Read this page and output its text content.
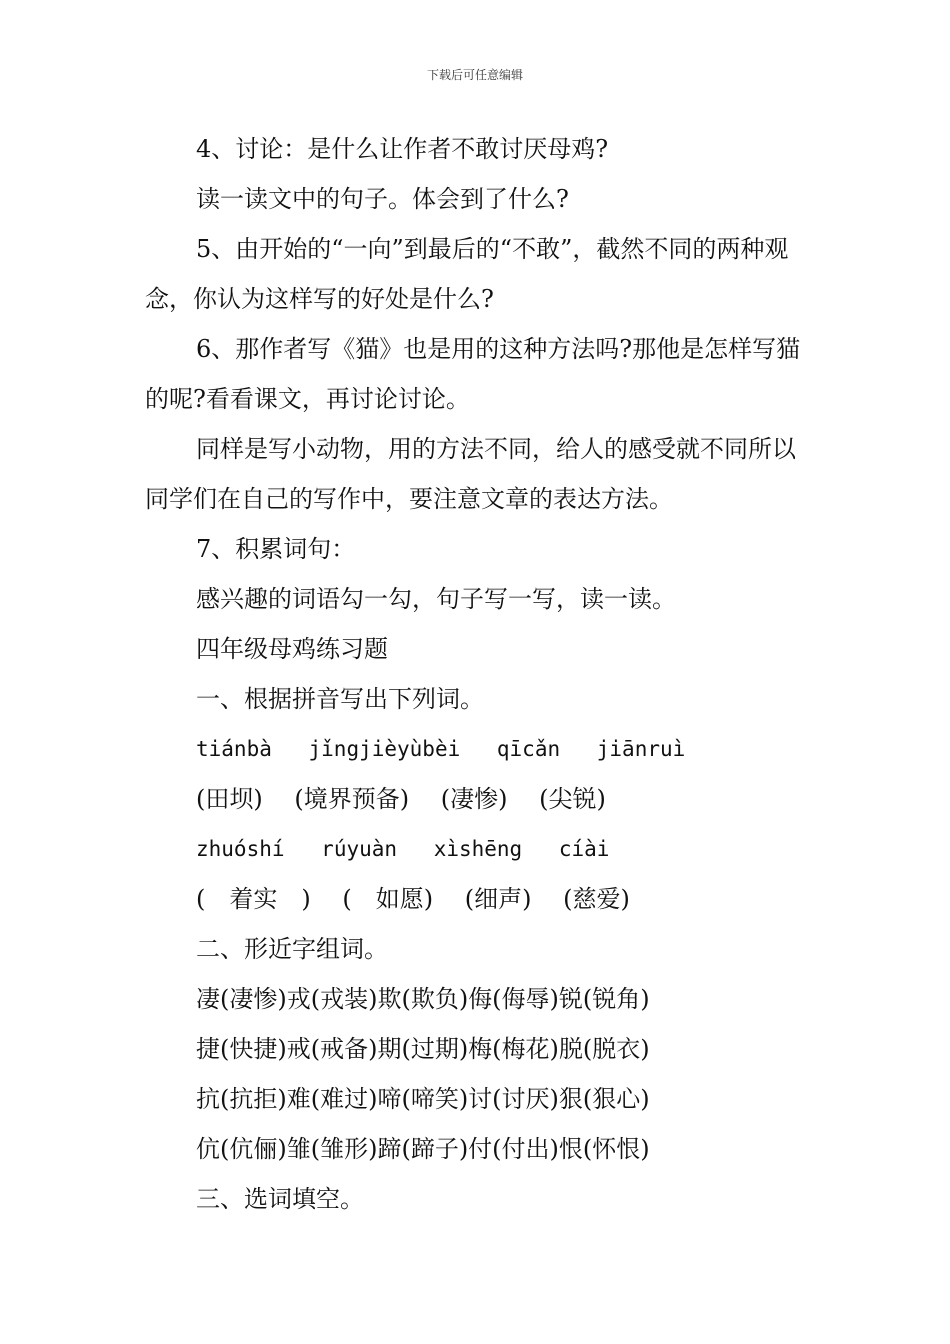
下载后可任意编辑

4、讨论：是什么让作者不敢讨厌母鸡?

读一读文中的句子。体会到了什么?

5、由开始的“一向”到最后的“不敢”，截然不同的两种观念，你认为这样写的好处是什么?

6、那作者写《猫》也是用的这种方法吗?那他是怎样写猫的呢?看看课文，再讨论讨论。

同样是写小动物，用的方法不同，给人的感受就不同所以同学们在自己的写作中，要注意文章的表达方法。

7、积累词句：

感兴趣的词语勾一勾，句子写一写，读一读。

四年级母鸡练习题

一、根据拼音写出下列词。

tiánbà jǐngjièyùbèi qīcǎn jiānruì

(田坝) (境界预备) (凄惨) (尖锐)

zhuóshí rúyuàn xìshēng cíài

(　着实　) (　如愿) (细声) (慈爱)

二、形近字组词。

凄(凄惨)戎(戎装)欺(欺负)侮(侮辱)锐(锐角)

捷(快捷)戒(戒备)期(过期)梅(梅花)脱(脱衣)

抗(抗拒)难(难过)啼(啼笑)讨(讨厌)狠(狠心)

伉(伉俪)雏(雏形)蹄(蹄子)付(付出)恨(怀恨)

三、选词填空。
